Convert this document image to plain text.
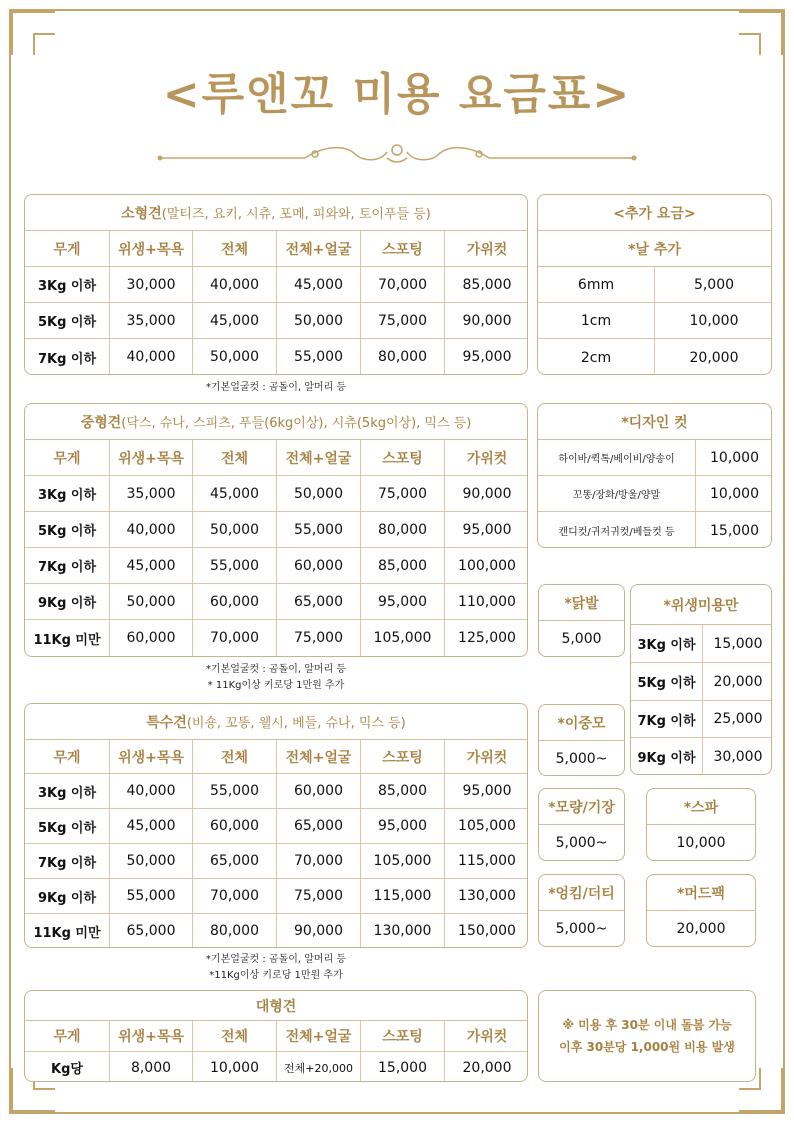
<루앤꼬 미용 요금표>
소형견 (말티즈, 요키, 시츄, 포메, 피와와, 토이푸들 등)
무게	위생+목욕	전체	전체+얼굴	스포팅	가위컷
3Kg 이하	30,000	40,000	45,000	70,000	85,000
5Kg 이하	35,000	45,000	50,000	75,000	90,000
7Kg 이하	40,000	50,000	55,000	80,000	95,000
*기본얼굴컷 : 곰돌이, 알머리 등
중형견 (닥스, 슈나, 스피츠, 푸들(6kg이상), 시츄(5kg이상), 믹스 등)
무게	위생+목욕	전체	전체+얼굴	스포팅	가위컷
3Kg 이하	35,000	45,000	50,000	75,000	90,000
5Kg 이하	40,000	50,000	55,000	80,000	95,000
7Kg 이하	45,000	55,000	60,000	85,000	100,000
9Kg 이하	50,000	60,000	65,000	95,000	110,000
11Kg 미만	60,000	70,000	75,000	105,000	125,000
*기본얼굴컷 : 곰돌이, 알머리 등
* 11Kg이상 키로당 1만원 추가
특수견 (비숑, 꼬똥, 웰시, 베들, 슈나, 믹스 등)
무게	위생+목욕	전체	전체+얼굴	스포팅	가위컷
3Kg 이하	40,000	55,000	60,000	85,000	95,000
5Kg 이하	45,000	60,000	65,000	95,000	105,000
7Kg 이하	50,000	65,000	70,000	105,000	115,000
9Kg 이하	55,000	70,000	75,000	115,000	130,000
11Kg 미만	65,000	80,000	90,000	130,000	150,000
*기본얼굴컷 : 곰돌이, 알머리 등
*11Kg이상 키로당 1만원 추가
대형견
무게	위생+목욕	전체	전체+얼굴	스포팅	가위컷
Kg당	8,000	10,000	전체+20,000	15,000	20,000
<추가 요금>
*날 추가
6mm	5,000
1cm	10,000
2cm	20,000
*디자인 컷
하이바/퀵톡/베이비/양송이	10,000
꼬똥/장화/방울/양말	10,000
캔디컷/귀저귀컷/베들컷 등	15,000
*닭발
5,000
*위생미용만
3Kg 이하	15,000
5Kg 이하	20,000
7Kg 이하	25,000
9Kg 이하	30,000
*이중모
5,000~
*모량/기장
5,000~
*스파
10,000
*엉킴/더티
5,000~
*머드팩
20,000
※ 미용 후 30분 이내 돌봄 가능
이후 30분당 1,000원 비용 발생
